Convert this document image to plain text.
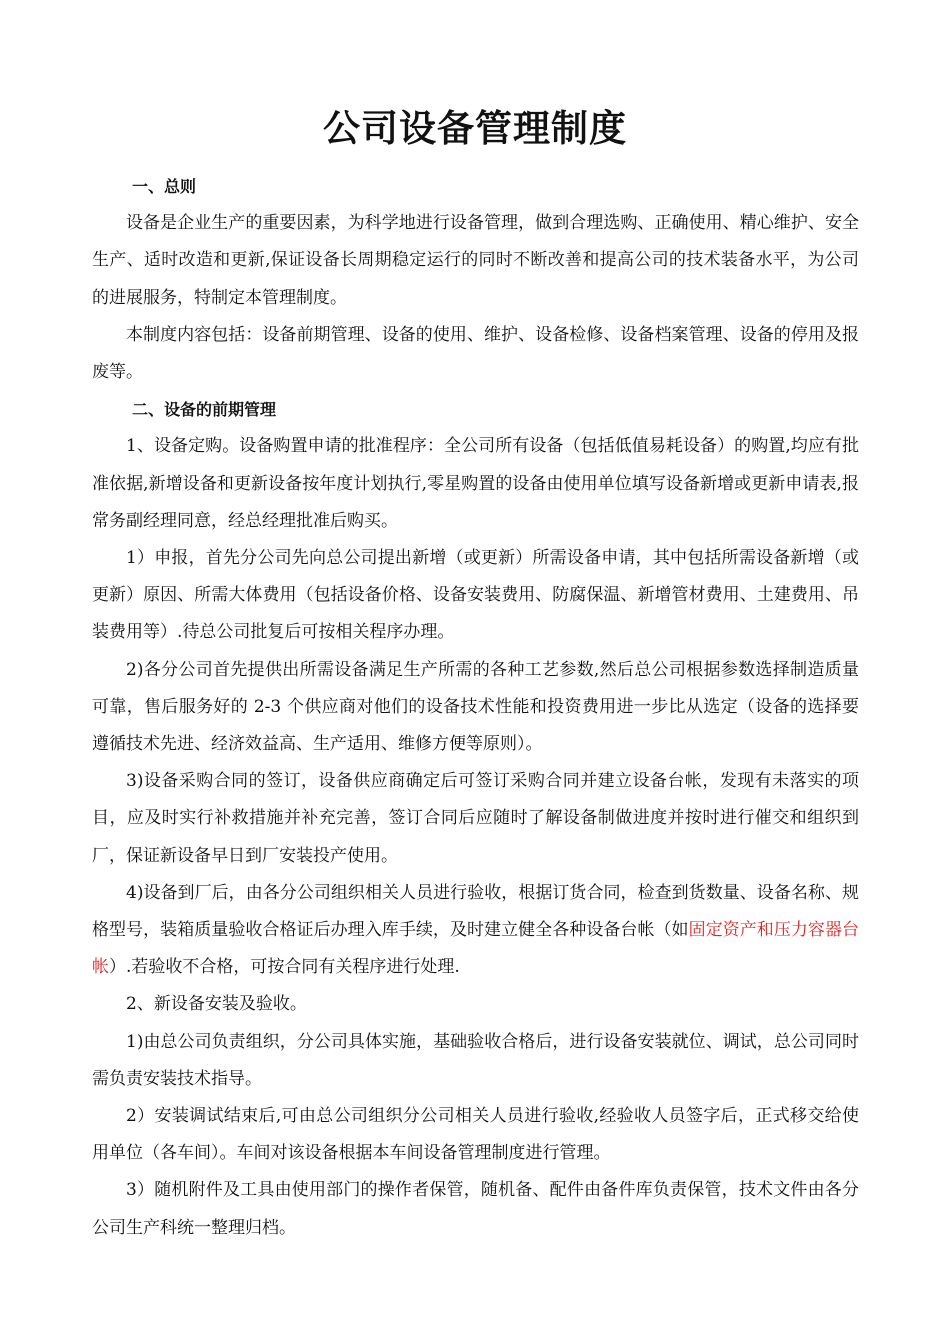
公司设备管理制度

一、总则

设备是企业生产的重要因素，为科学地进行设备管理，做到合理选购、正确使用、精心维护、安全生产、适时改造和更新,保证设备长周期稳定运行的同时不断改善和提高公司的技术装备水平，为公司的进展服务，特制定本管理制度。

本制度内容包括：设备前期管理、设备的使用、维护、设备检修、设备档案管理、设备的停用及报废等。

二、设备的前期管理

1、设备定购。设备购置申请的批准程序：全公司所有设备（包括低值易耗设备）的购置,均应有批准依据,新增设备和更新设备按年度计划执行,零星购置的设备由使用单位填写设备新增或更新申请表,报常务副经理同意，经总经理批准后购买。

1）申报，首先分公司先向总公司提出新增（或更新）所需设备申请，其中包括所需设备新增（或更新）原因、所需大体费用（包括设备价格、设备安装费用、防腐保温、新增管材费用、土建费用、吊装费用等）.待总公司批复后可按相关程序办理。

2)各分公司首先提供出所需设备满足生产所需的各种工艺参数,然后总公司根据参数选择制造质量可靠，售后服务好的 2-3 个供应商对他们的设备技术性能和投资费用进一步比从选定（设备的选择要遵循技术先进、经济效益高、生产适用、维修方便等原则）。

3)设备采购合同的签订，设备供应商确定后可签订采购合同并建立设备台帐，发现有未落实的项目，应及时实行补救措施并补充完善，签订合同后应随时了解设备制做进度并按时进行催交和组织到厂，保证新设备早日到厂安装投产使用。

4)设备到厂后，由各分公司组织相关人员进行验收，根据订货合同，检查到货数量、设备名称、规格型号，装箱质量验收合格证后办理入库手续，及时建立健全各种设备台帐（如固定资产和压力容器台帐）.若验收不合格，可按合同有关程序进行处理.

2、新设备安装及验收。

1)由总公司负责组织，分公司具体实施，基础验收合格后，进行设备安装就位、调试，总公司同时需负责安装技术指导。

2）安装调试结束后,可由总公司组织分公司相关人员进行验收,经验收人员签字后，正式移交给使用单位（各车间）。车间对该设备根据本车间设备管理制度进行管理。

3）随机附件及工具由使用部门的操作者保管，随机备、配件由备件库负责保管，技术文件由各分公司生产科统一整理归档。
